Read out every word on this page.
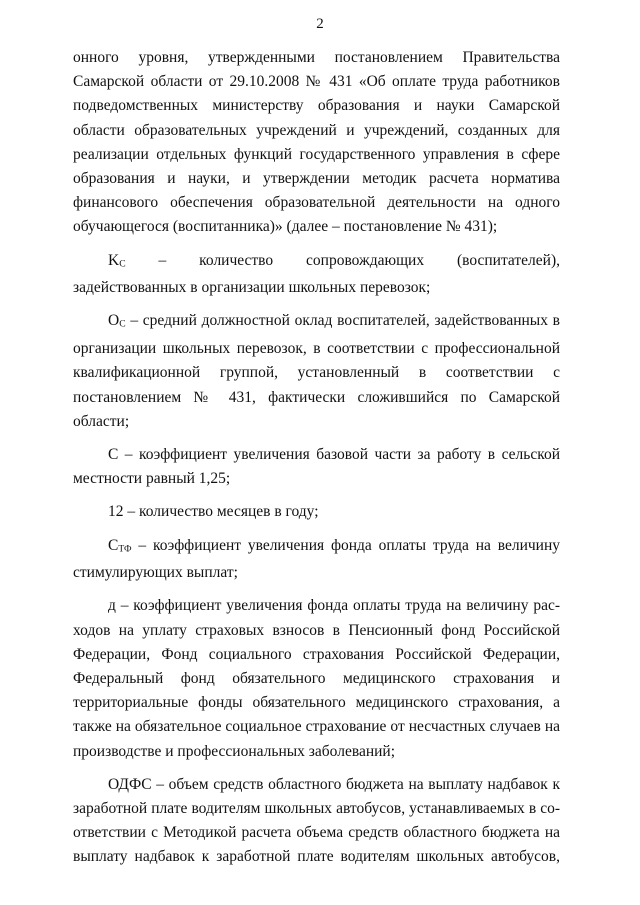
2

онного уровня, утвержденными постановлением Правительства Самарской области от 29.10.2008 № 431 «Об оплате труда работников подведомственных министерству образования и науки Самарской области образовательных учреждений и учреждений, созданных для реализации отдельных функций государственного управления в сфере образования и науки, и утверждении методик расчета норматива финансового обеспечения образовательной деятельности на одного обучающегося (воспитанника)» (далее – постановление № 431);

KC – количество сопровождающих (воспитателей), задействованных в организации школьных перевозок;

OC – средний должностной оклад воспитателей, задействованных в организации школьных перевозок, в соответствии с профессиональной квалификационной группой, установленный в соответствии с постановлением № 431, фактически сложившийся по Самарской области;

C – коэффициент увеличения базовой части за работу в сельской местности равный 1,25;

12 – количество месяцев в году;

CТФ – коэффициент увеличения фонда оплаты труда на величину стимулирующих выплат;

д – коэффициент увеличения фонда оплаты труда на величину расходов на уплату страховых взносов в Пенсионный фонд Российской Федерации, Фонд социального страхования Российской Федерации, Федеральный фонд обязательного медицинского страхования и территориальные фонды обязательного медицинского страхования, а также на обязательное социальное страхование от несчастных случаев на производстве и профессиональных заболеваний;

ОДФС – объем средств областного бюджета на выплату надбавок к заработной плате водителям школьных автобусов, устанавливаемых в соответствии с Методикой расчета объема средств областного бюджета на выплату надбавок к заработной плате водителям школьных автобусов,
